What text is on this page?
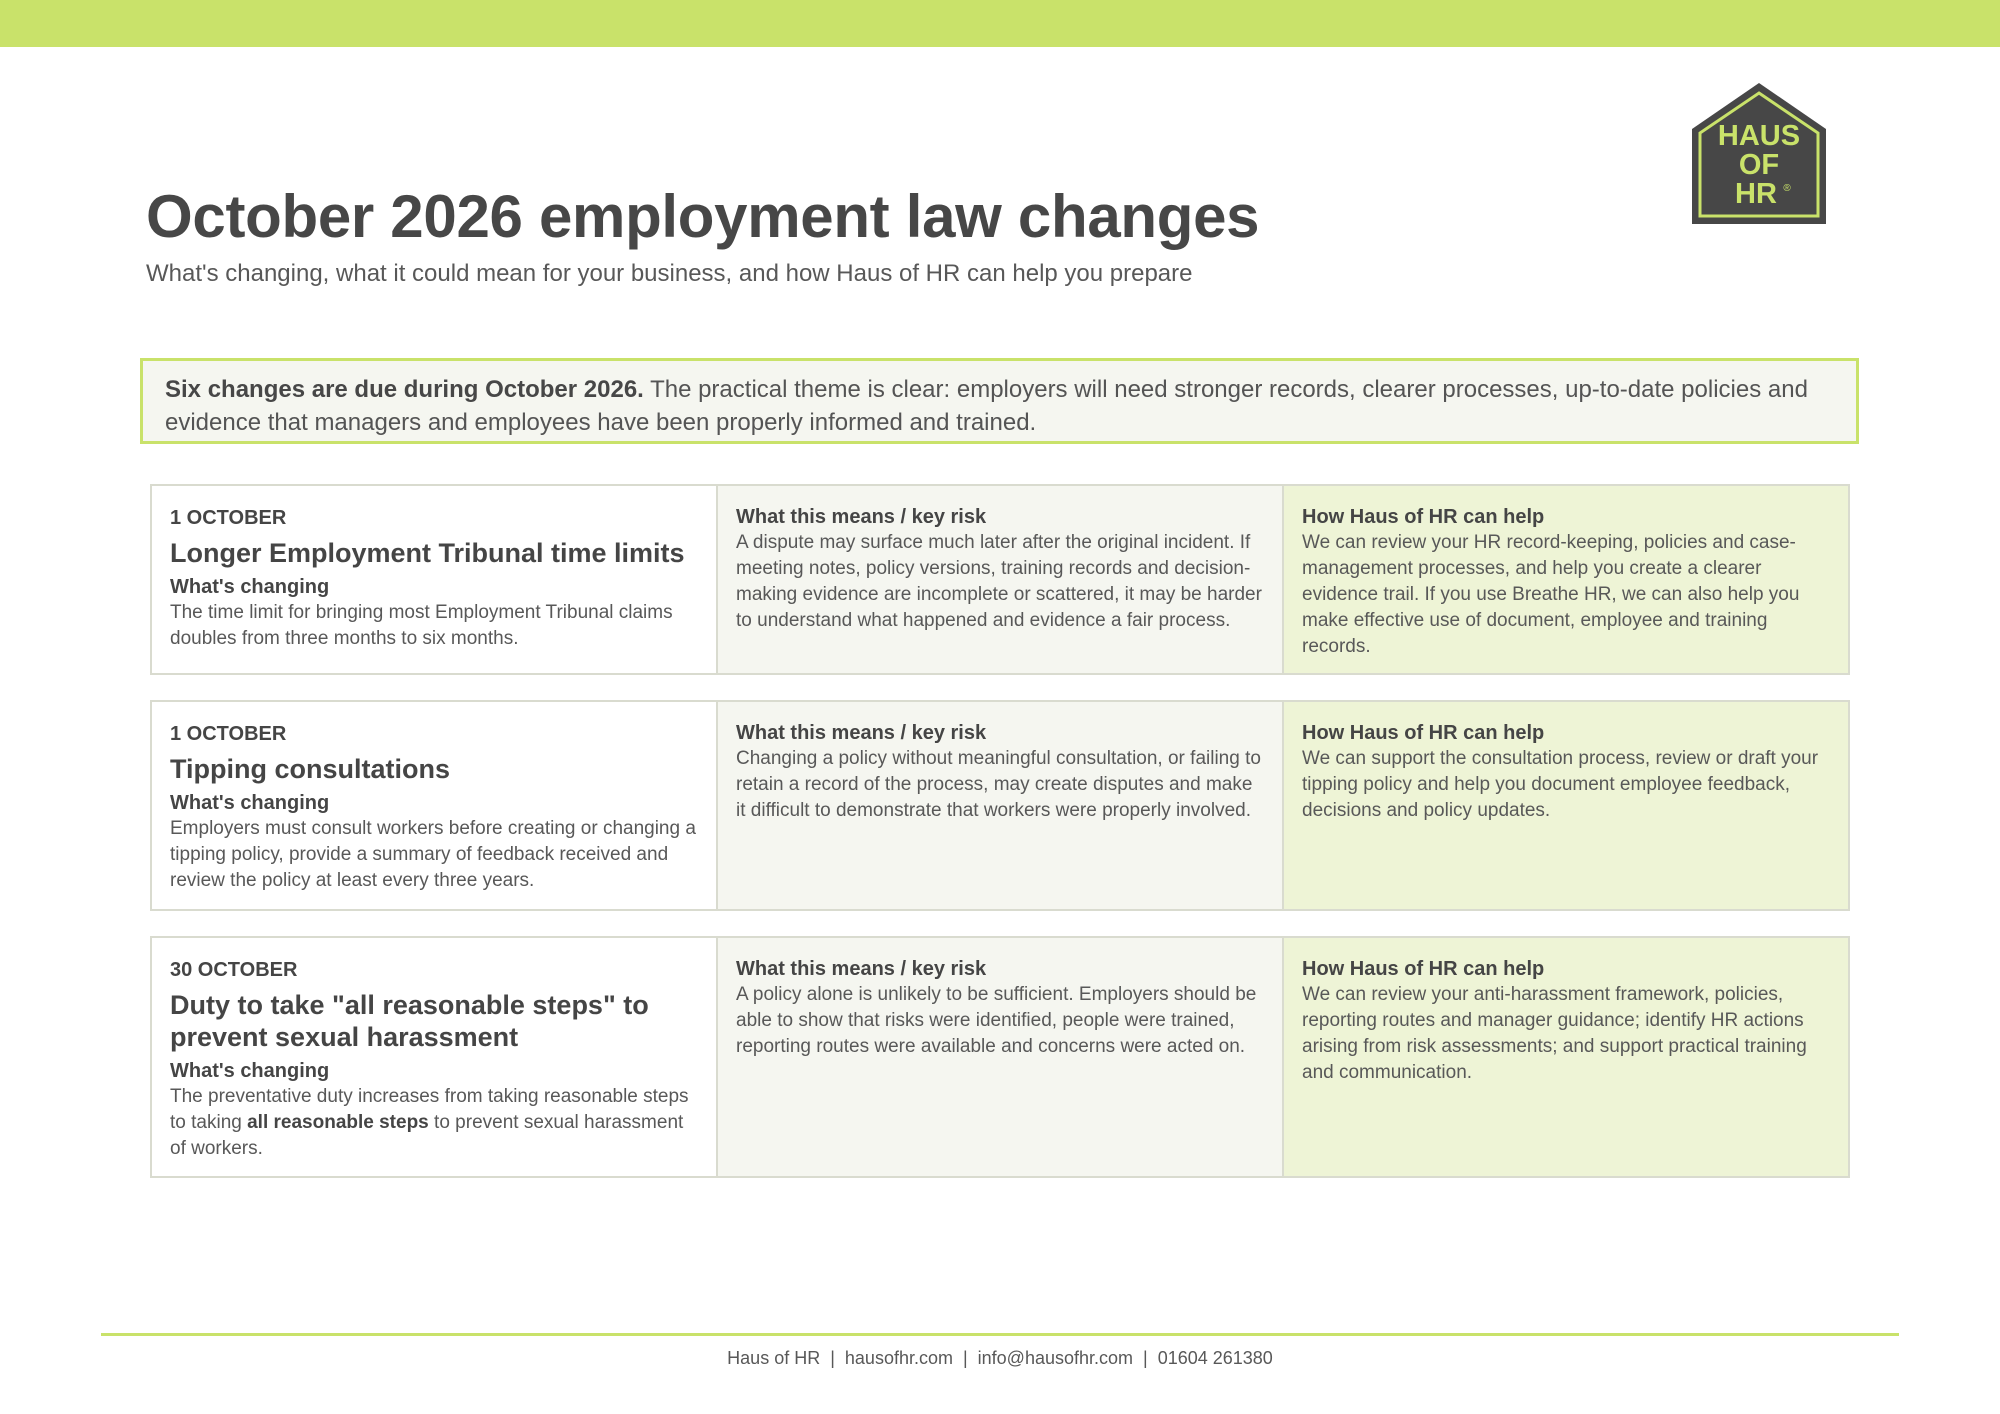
HAUS
OF
HR ®
October 2026 employment law changes

What's changing, what it could mean for your business, and how Haus of HR can help you prepare

Six changes are due during October 2026. The practical theme is clear: employers will need stronger records, clearer processes, up-to-date policies and evidence that managers and employees have been properly informed and trained.

1 OCTOBER

Longer Employment Tribunal time limits

What's changing

The time limit for bringing most Employment Tribunal claims doubles from three months to six months.

What this means / key risk

A dispute may surface much later after the original incident. If meeting notes, policy versions, training records and decision-making evidence are incomplete or scattered, it may be harder to understand what happened and evidence a fair process.

How Haus of HR can help

We can review your HR record-keeping, policies and case-management processes, and help you create a clearer evidence trail. If you use Breathe HR, we can also help you make effective use of document, employee and training records.

1 OCTOBER

Tipping consultations

What's changing

Employers must consult workers before creating or changing a tipping policy, provide a summary of feedback received and review the policy at least every three years.

What this means / key risk

Changing a policy without meaningful consultation, or failing to retain a record of the process, may create disputes and make it difficult to demonstrate that workers were properly involved.

How Haus of HR can help

We can support the consultation process, review or draft your tipping policy and help you document employee feedback, decisions and policy updates.

30 OCTOBER

Duty to take "all reasonable steps" to prevent sexual harassment

What's changing

The preventative duty increases from taking reasonable steps to taking all reasonable steps to prevent sexual harassment of workers.

What this means / key risk

A policy alone is unlikely to be sufficient. Employers should be able to show that risks were identified, people were trained, reporting routes were available and concerns were acted on.

How Haus of HR can help

We can review your anti-harassment framework, policies, reporting routes and manager guidance; identify HR actions arising from risk assessments; and support practical training and communication.

Haus of HR | hausofhr.com | info@hausofhr.com | 01604 261380
